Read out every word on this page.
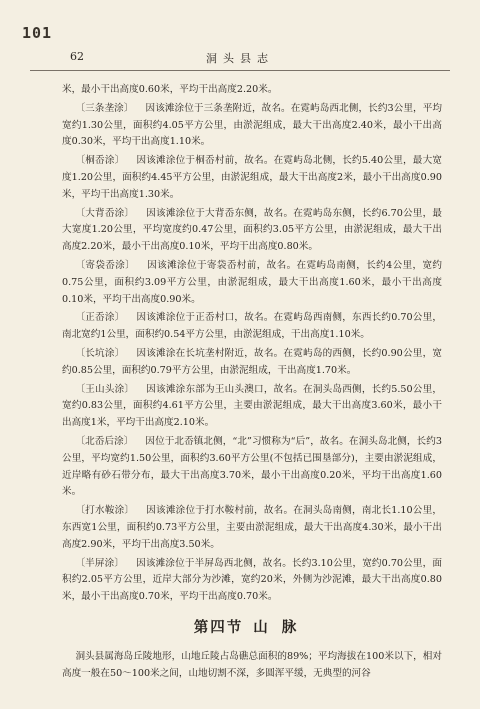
101
62	洞头县志

米，最小干出高度0.60米，平均干出高度2.20米。

〔三条垄涂〕 因该滩涂位于三条垄附近，故名。在霓屿岛西北侧，长约3公里，平均宽约1.30公里，面积约4.05平方公里，由淤泥组成，最大干出高度2.40米，最小干出高度0.30米，平均干出高度1.10米。

〔桐岙涂〕 因该滩涂位于桐岙村前，故名。在霓屿岛北侧，长约5.40公里，最大宽度1.20公里，面积约4.45平方公里，由淤泥组成，最大干出高度2米，最小干出高度0.90米，平均干出高度1.30米。

〔大背岙涂〕 因该滩涂位于大背岙东侧，故名。在霓屿岛东侧，长约6.70公里，最大宽度1.20公里，平均宽度约0.47公里，面积约3.05平方公里，由淤泥组成，最大干出高度2.20米，最小干出高度0.10米，平均干出高度0.80米。

〔寄袋岙涂〕 因该滩涂位于寄袋岙村前，故名。在霓屿岛南侧，长约4公里，宽约0.75公里，面积约3.09平方公里，由淤泥组成，最大干出高度1.60米，最小干出高度0.10米，平均干出高度0.90米。

〔正岙涂〕 因该滩涂位于正岙村口，故名。在霓屿岛西南侧，东西长约0.70公里，南北宽约1公里，面积约0.54平方公里，由淤泥组成，干出高度1.10米。

〔长坑涂〕 因该滩涂在长坑垄村附近，故名。在霓屿岛的西侧，长约0.90公里，宽约0.85公里，面积约0.79平方公里，由淤泥组成，干出高度1.70米。

〔王山头涂〕 因该滩涂东部为王山头澳口，故名。在洞头岛西侧，长约5.50公里，宽约0.83公里，面积约4.61平方公里，主要由淤泥组成，最大干出高度3.60米，最小干出高度1米，平均干出高度2.10米。

〔北岙后涂〕 因位于北岙镇北侧，“北”习惯称为“后”，故名。在洞头岛北侧，长约3公里，平均宽约1.50公里，面积约3.60平方公里(不包括已围垦部分)，主要由淤泥组成，近岸略有砂石带分布，最大干出高度3.70米，最小干出高度0.20米，平均干出高度1.60米。

〔打水鞍涂〕 因该滩涂位于打水鞍村前，故名。在洞头岛南侧，南北长1.10公里，东西宽1公里，面积约0.73平方公里，主要由淤泥组成，最大干出高度4.30米，最小干出高度2.90米，平均干出高度3.50米。

〔半屏涂〕 因该滩涂位于半屏岛西北侧，故名。长约3.10公里，宽约0.70公里，面积约2.05平方公里，近岸大部分为沙滩，宽约20米，外侧为沙泥滩，最大干出高度0.80米，最小干出高度0.70米，平均干出高度0.70米。

第四节 山脉

洞头县属海岛丘陵地形，山地丘陵占岛礁总面积的89%；平均海拔在100米以下，相对高度一般在50～100米之间，山地切割不深，多圆浑平缓，无典型的河谷
